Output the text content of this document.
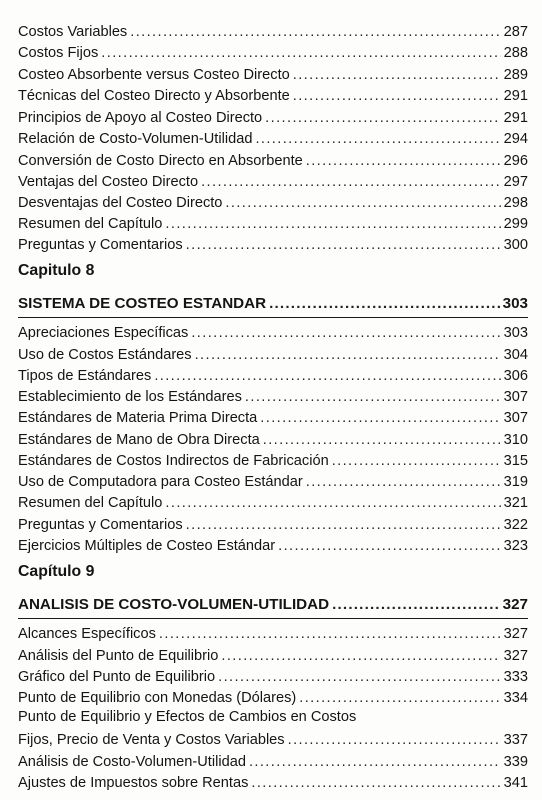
Costos Variables .....	287
Costos Fijos .....	288
Costeo Absorbente versus Costeo Directo .....	289
Técnicas del Costeo Directo y Absorbente .....	291
Principios de Apoyo al Costeo Directo .....	291
Relación de Costo-Volumen-Utilidad .....	294
Conversión de Costo Directo en Absorbente .....	296
Ventajas del Costeo Directo .....	297
Desventajas del Costeo Directo .....	298
Resumen del Capítulo .....	299
Preguntas y Comentarios .....	300
Capitulo 8
SISTEMA DE COSTEO ESTANDAR .....	303
Apreciaciones Específicas .....	303
Uso de Costos Estándares .....	304
Tipos de Estándares .....	306
Establecimiento de los Estándares .....	307
Estándares de Materia Prima Directa .....	307
Estándares de Mano de Obra Directa .....	310
Estándares de Costos Indirectos de Fabricación .....	315
Uso de Computadora para Costeo Estándar .....	319
Resumen del Capítulo .....	321
Preguntas y Comentarios .....	322
Ejercicios Múltiples de Costeo Estándar .....	323
Capítulo 9
ANALISIS DE COSTO-VOLUMEN-UTILIDAD .....	327
Alcances Específicos .....	327
Análisis del Punto de Equilibrio .....	327
Gráfico del Punto de Equilibrio .....	333
Punto de Equilibrio con Monedas (Dólares) .....	334
Punto de Equilibrio y Efectos de Cambios en Costos
Fijos, Precio de Venta y Costos Variables .....	337
Análisis de Costo-Volumen-Utilidad .....	339
Ajustes de Impuestos sobre Rentas .....	341
